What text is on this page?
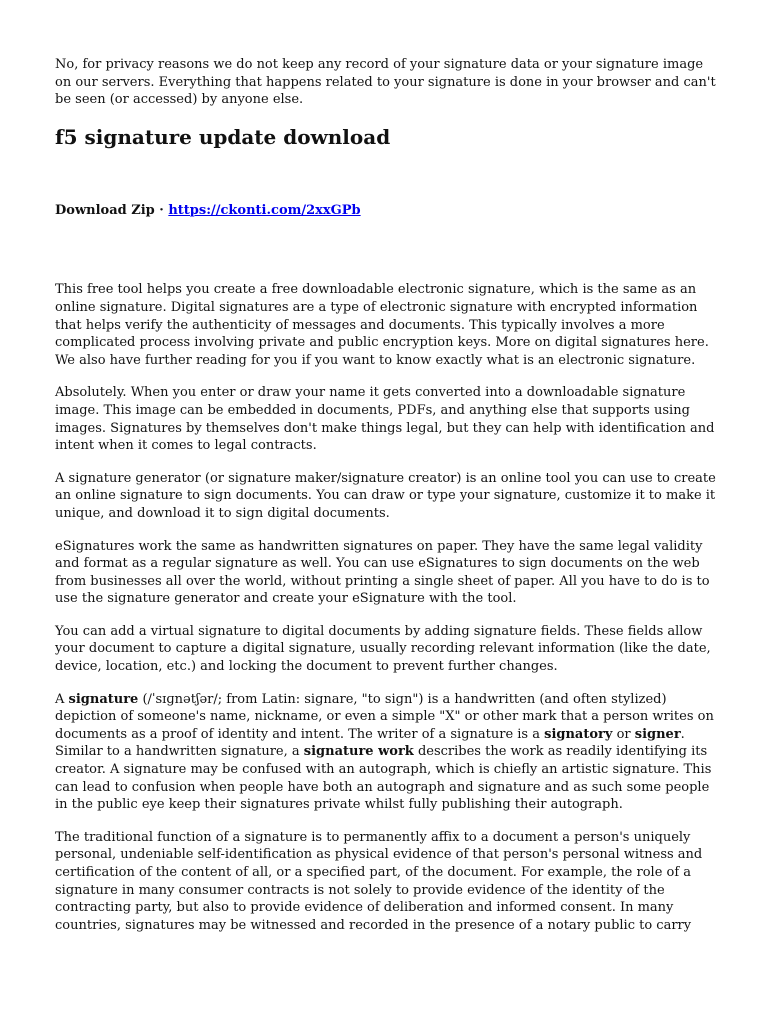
No, for privacy reasons we do not keep any record of your signature data or your signature image on our servers. Everything that happens related to your signature is done in your browser and can't be seen (or accessed) by anyone else.

f5 signature update download

Download Zip · https://ckonti.com/2xxGPb

This free tool helps you create a free downloadable electronic signature, which is the same as an online signature. Digital signatures are a type of electronic signature with encrypted information that helps verify the authenticity of messages and documents. This typically involves a more complicated process involving private and public encryption keys. More on digital signatures here. We also have further reading for you if you want to know exactly what is an electronic signature.

Absolutely. When you enter or draw your name it gets converted into a downloadable signature image. This image can be embedded in documents, PDFs, and anything else that supports using images. Signatures by themselves don't make things legal, but they can help with identification and intent when it comes to legal contracts.

A signature generator (or signature maker/signature creator) is an online tool you can use to create an online signature to sign documents. You can draw or type your signature, customize it to make it unique, and download it to sign digital documents.

eSignatures work the same as handwritten signatures on paper. They have the same legal validity and format as a regular signature as well. You can use eSignatures to sign documents on the web from businesses all over the world, without printing a single sheet of paper. All you have to do is to use the signature generator and create your eSignature with the tool.

You can add a virtual signature to digital documents by adding signature fields. These fields allow your document to capture a digital signature, usually recording relevant information (like the date, device, location, etc.) and locking the document to prevent further changes.

A signature (/ˈsɪɡnətʃər/; from Latin: signare, "to sign") is a handwritten (and often stylized) depiction of someone's name, nickname, or even a simple "X" or other mark that a person writes on documents as a proof of identity and intent. The writer of a signature is a signatory or signer. Similar to a handwritten signature, a signature work describes the work as readily identifying its creator. A signature may be confused with an autograph, which is chiefly an artistic signature. This can lead to confusion when people have both an autograph and signature and as such some people in the public eye keep their signatures private whilst fully publishing their autograph.

The traditional function of a signature is to permanently affix to a document a person's uniquely personal, undeniable self-identification as physical evidence of that person's personal witness and certification of the content of all, or a specified part, of the document. For example, the role of a signature in many consumer contracts is not solely to provide evidence of the identity of the contracting party, but also to provide evidence of deliberation and informed consent. In many countries, signatures may be witnessed and recorded in the presence of a notary public to carry
